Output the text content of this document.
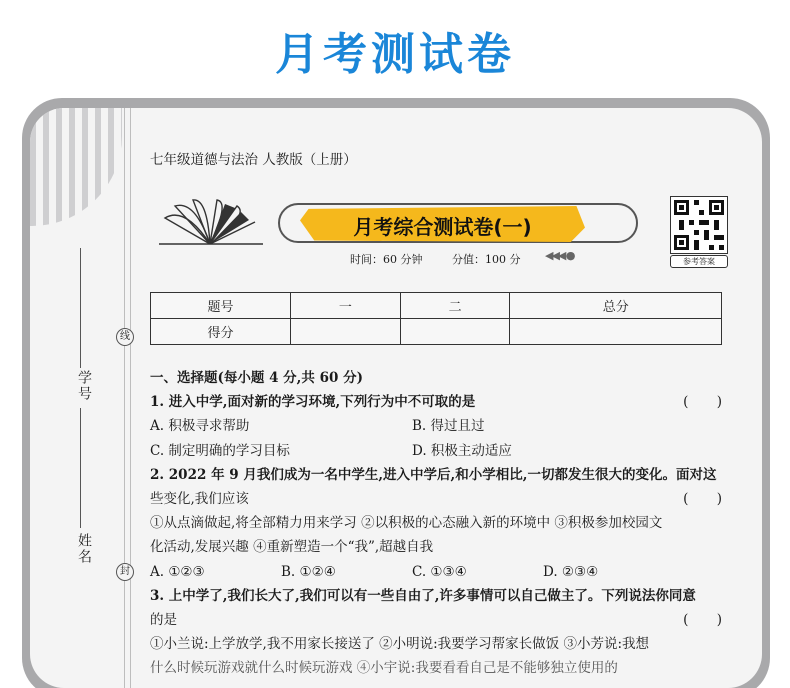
月考测试卷
学号
线
姓名
封
七年级道德与法治 人教版（上册）
月考综合测试卷(一)
时间：60 分钟	分值：100 分	◀◀◀ ●	参考答案
题号	一	二	总分
得分			
一、选择题(每小题 4 分,共 60 分)
1. 进入中学,面对新的学习环境,下列行为中不可取的是	( )
A. 积极寻求帮助	B. 得过且过
C. 制定明确的学习目标	D. 积极主动适应
2. 2022 年 9 月我们成为一名中学生,进入中学后,和小学相比,一切都发生很大的变化。面对这
些变化,我们应该	( )
①从点滴做起,将全部精力用来学习 ②以积极的心态融入新的环境中 ③积极参加校园文
化活动,发展兴趣 ④重新塑造一个“我”,超越自我
A. ①②③	B. ①②④	C. ①③④	D. ②③④
3. 上中学了,我们长大了,我们可以有一些自由了,许多事情可以自己做主了。下列说法你同意
的是	( )
①小兰说:上学放学,我不用家长接送了 ②小明说:我要学习帮家长做饭 ③小芳说:我想
什么时候玩游戏就什么时候玩游戏 ④小宇说:我要看看自己是不能够独立使用的
